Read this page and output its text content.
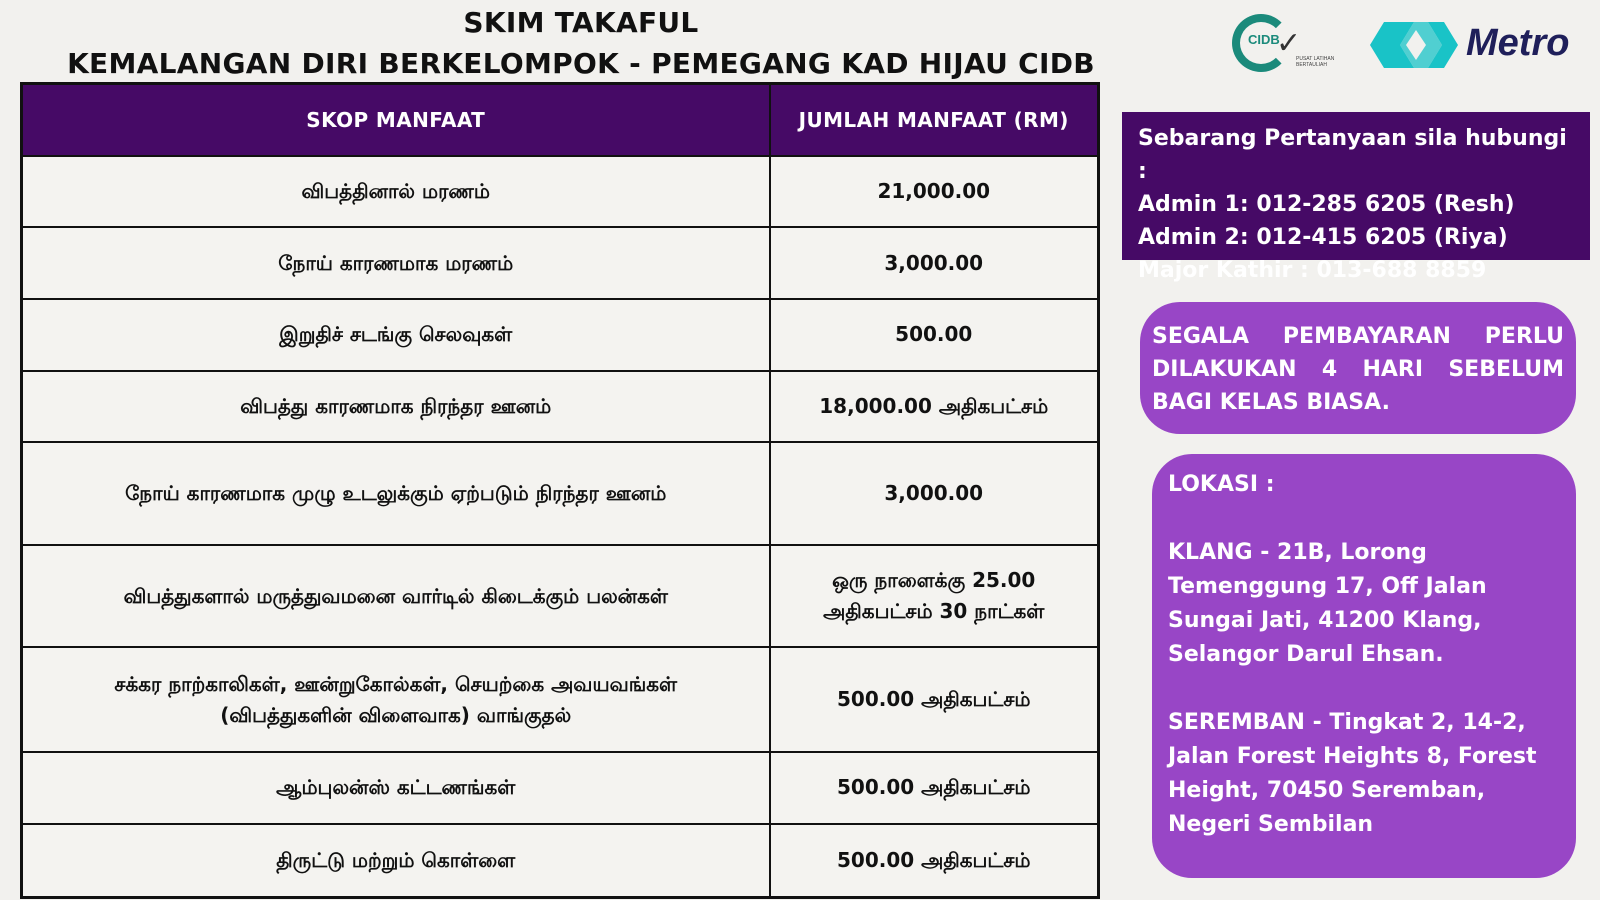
SKIM TAKAFUL
KEMALANGAN DIRI BERKELOMPOK - PEMEGANG KAD HIJAU CIDB
CIDB
✓
PUSAT LATIHAN BERTAULIAH
Metro
SKOP MANFAAT	JUMLAH MANFAAT (RM)
விபத்தினால் மரணம்	21,000.00
நோய் காரணமாக மரணம்	3,000.00
இறுதிச் சடங்கு செலவுகள்	500.00
விபத்து காரணமாக நிரந்தர ஊனம்	18,000.00 அதிகபட்சம்
நோய் காரணமாக முழு உடலுக்கும் ஏற்படும் நிரந்தர ஊனம்	3,000.00
விபத்துகளால் மருத்துவமனை வார்டில் கிடைக்கும் பலன்கள்	ஒரு நாளைக்கு 25.00 அதிகபட்சம் 30 நாட்கள்
சக்கர நாற்காலிகள், ஊன்றுகோல்கள், செயற்கை அவயவங்கள் (விபத்துகளின் விளைவாக) வாங்குதல்	500.00 அதிகபட்சம்
ஆம்புலன்ஸ் கட்டணங்கள்	500.00 அதிகபட்சம்
திருட்டு மற்றும் கொள்ளை	500.00 அதிகபட்சம்
Sebarang Pertanyaan sila hubungi :
Admin 1: 012-285 6205 (Resh)
Admin 2: 012-415 6205 (Riya)
Major Kathir : 013-688 8859
SEGALA PEMBAYARAN PERLU DILAKUKAN 4 HARI SEBELUM BAGI KELAS BIASA.

LOKASI :

KLANG - 21B, Lorong Temenggung 17, Off Jalan Sungai Jati, 41200 Klang, Selangor Darul Ehsan.

SEREMBAN - Tingkat 2, 14-2, Jalan Forest Heights 8, Forest Height, 70450 Seremban, Negeri Sembilan
